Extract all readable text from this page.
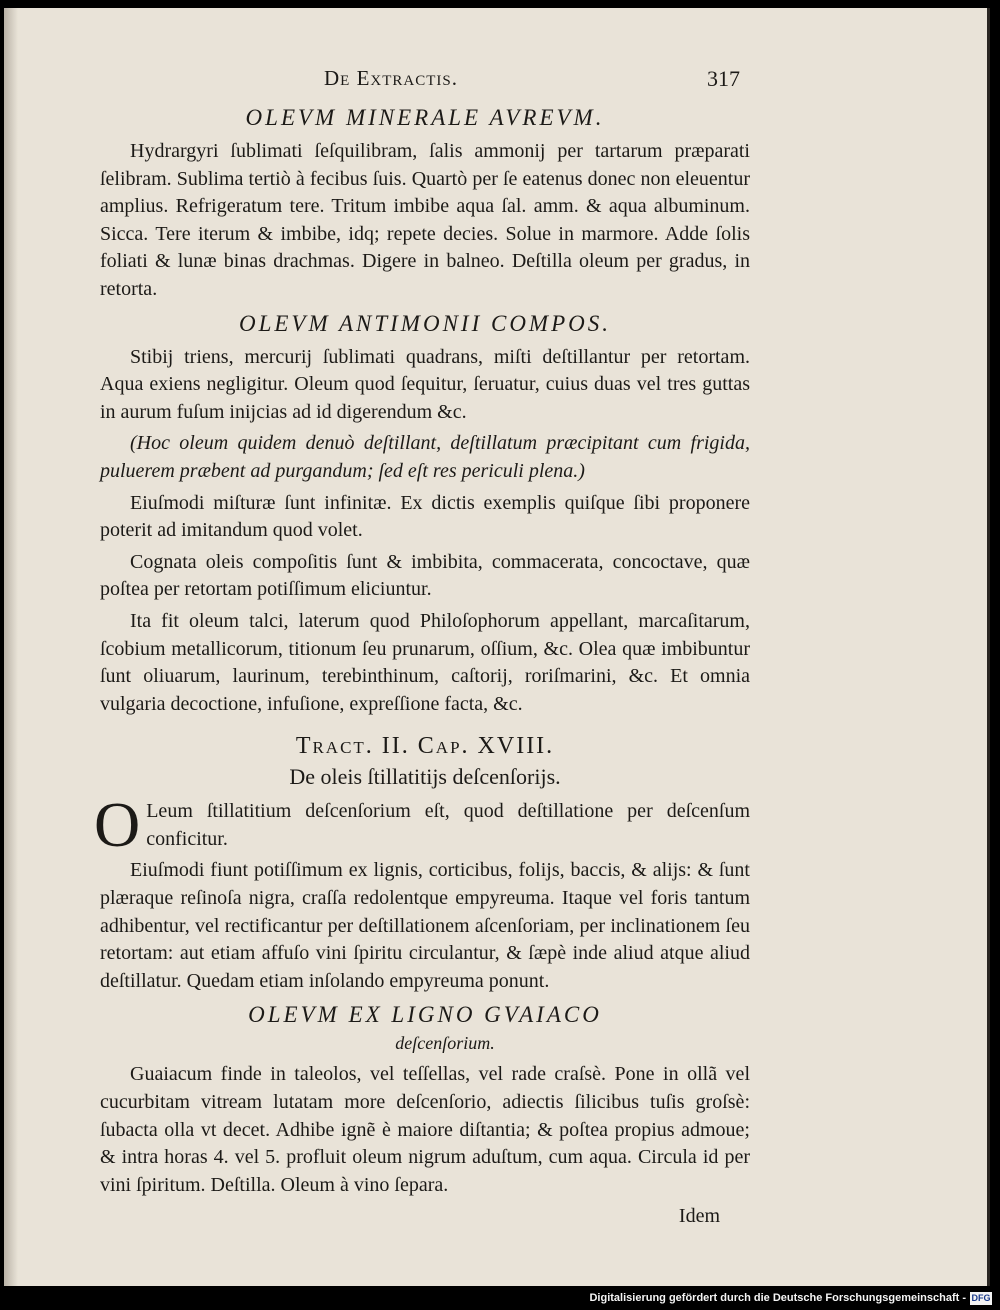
De Extractis.	317
OLEVM MINERALE AVREVM.

Hydrargyri ſublimati ſeſquilibram, ſalis ammonij per tartarum præparati ſelibram. Sublima tertiò à fecibus ſuis. Quartò per ſe eatenus donec non eleuentur amplius. Refrigeratum tere. Tritum imbibe aqua ſal. amm. & aqua albuminum. Sicca. Tere iterum & imbibe, idq; repete decies. Solue in marmore. Adde ſolis foliati & lunæ binas drachmas. Digere in balneo. Deſtilla oleum per gradus, in retorta.

OLEVM ANTIMONII COMPOS.

Stibij triens, mercurij ſublimati quadrans, miſti deſtillantur per retortam. Aqua exiens negligitur. Oleum quod ſequitur, ſeruatur, cuius duas vel tres guttas in aurum fuſum inijcias ad id digerendum &c.

(Hoc oleum quidem denuò deſtillant, deſtillatum præcipitant cum frigida, puluerem præbent ad purgandum; ſed eſt res periculi plena.)

Eiuſmodi miſturæ ſunt infinitæ. Ex dictis exemplis quiſque ſibi proponere poterit ad imitandum quod volet.

Cognata oleis compoſitis ſunt & imbibita, commacerata, concoctave, quæ poſtea per retortam potiſſimum eliciuntur.

Ita fit oleum talci, laterum quod Philoſophorum appellant, marcaſitarum, ſcobium metallicorum, titionum ſeu prunarum, oſſium, &c. Olea quæ imbibuntur ſunt oliuarum, laurinum, terebinthinum, caſtorij, roriſmarini, &c. Et omnia vulgaria decoctione, infuſione, expreſſione facta, &c.

Tract. II. Cap. XVIII.
De oleis ſtillatitijs deſcenſorijs.

O Leum ſtillatitium deſcenſorium eſt, quod deſtillatione per deſcenſum conficitur.

Eiuſmodi fiunt potiſſimum ex lignis, corticibus, folijs, baccis, & alijs: & ſunt plæraque reſinoſa nigra, craſſa redolentque empyreuma. Itaque vel foris tantum adhibentur, vel rectificantur per deſtillationem aſcenſoriam, per inclinationem ſeu retortam: aut etiam affuſo vini ſpiritu circulantur, & ſæpè inde aliud atque aliud deſtillatur. Quedam etiam inſolando empyreuma ponunt.

OLEVM EX LIGNO GVAIACO
deſcenſorium.

Guaiacum finde in taleolos, vel teſſellas, vel rade craſsè. Pone in ollã vel cucurbitam vitream lutatam more deſcenſorio, adiectis ſilicibus tuſis groſsè: ſubacta olla vt decet. Adhibe ignẽ è maiore diſtantia; & poſtea propius admoue; & intra horas 4. vel 5. profluit oleum nigrum aduſtum, cum aqua. Circula id per vini ſpiritum. Deſtilla. Oleum à vino ſepara.

Idem
Digitalisierung gefördert durch die Deutsche Forschungsgemeinschaft - DFG
